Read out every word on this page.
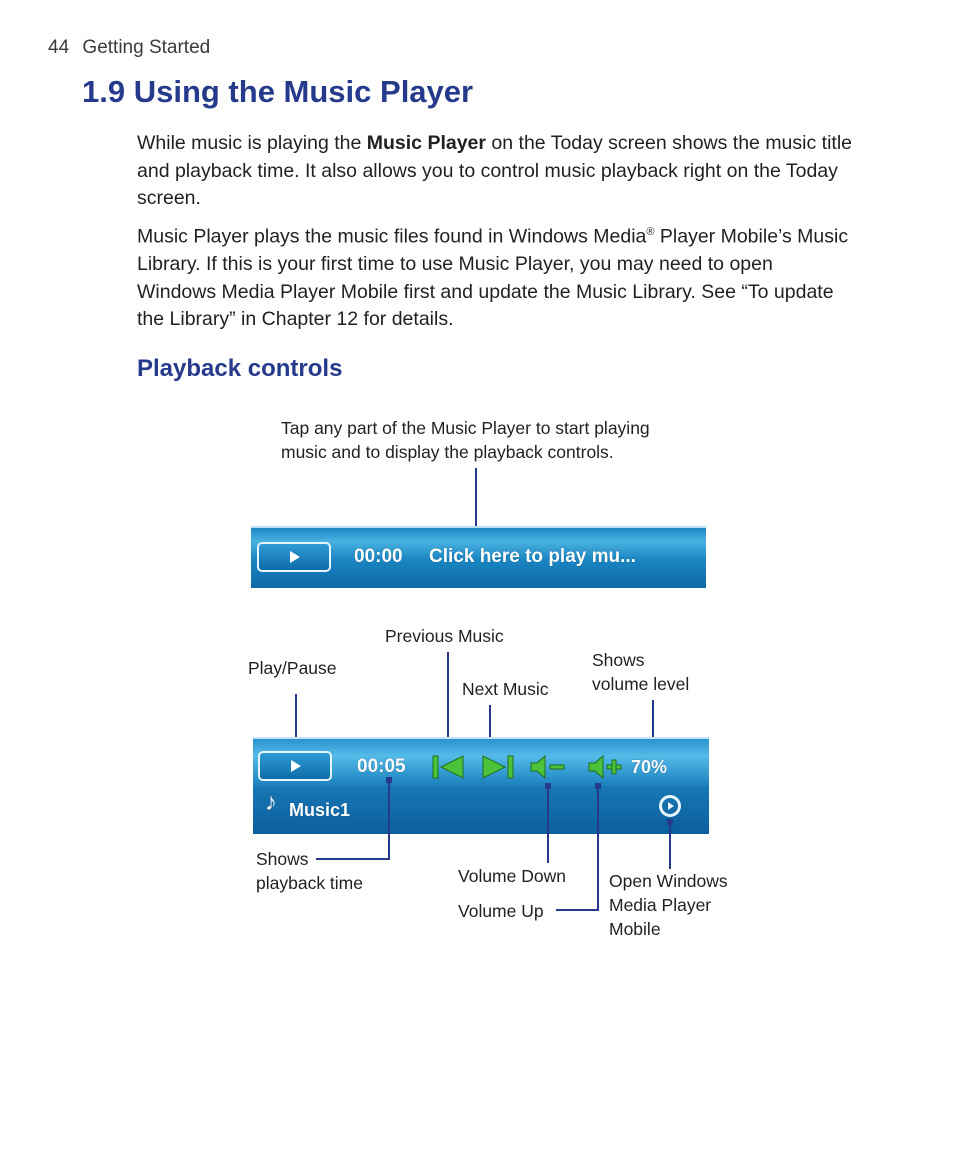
44 Getting Started
1.9 Using the Music Player
While music is playing the Music Player on the Today screen shows the music title and playback time. It also allows you to control music playback right on the Today screen.
Music Player plays the music files found in Windows Media® Player Mobile’s Music Library. If this is your first time to use Music Player, you may need to open Windows Media Player Mobile first and update the Music Library. See “To update the Library” in Chapter 12 for details.
Playback controls
Tap any part of the Music Player to start playing
music and to display the playback controls.
00:00 Click here to play mu...
Previous Music
Play/Pause	Shows
volume level
Next Music
00:05	70%
♪ Music1
Shows
playback time	Volume Down
Volume Up
Open Windows
Media Player
Mobile
